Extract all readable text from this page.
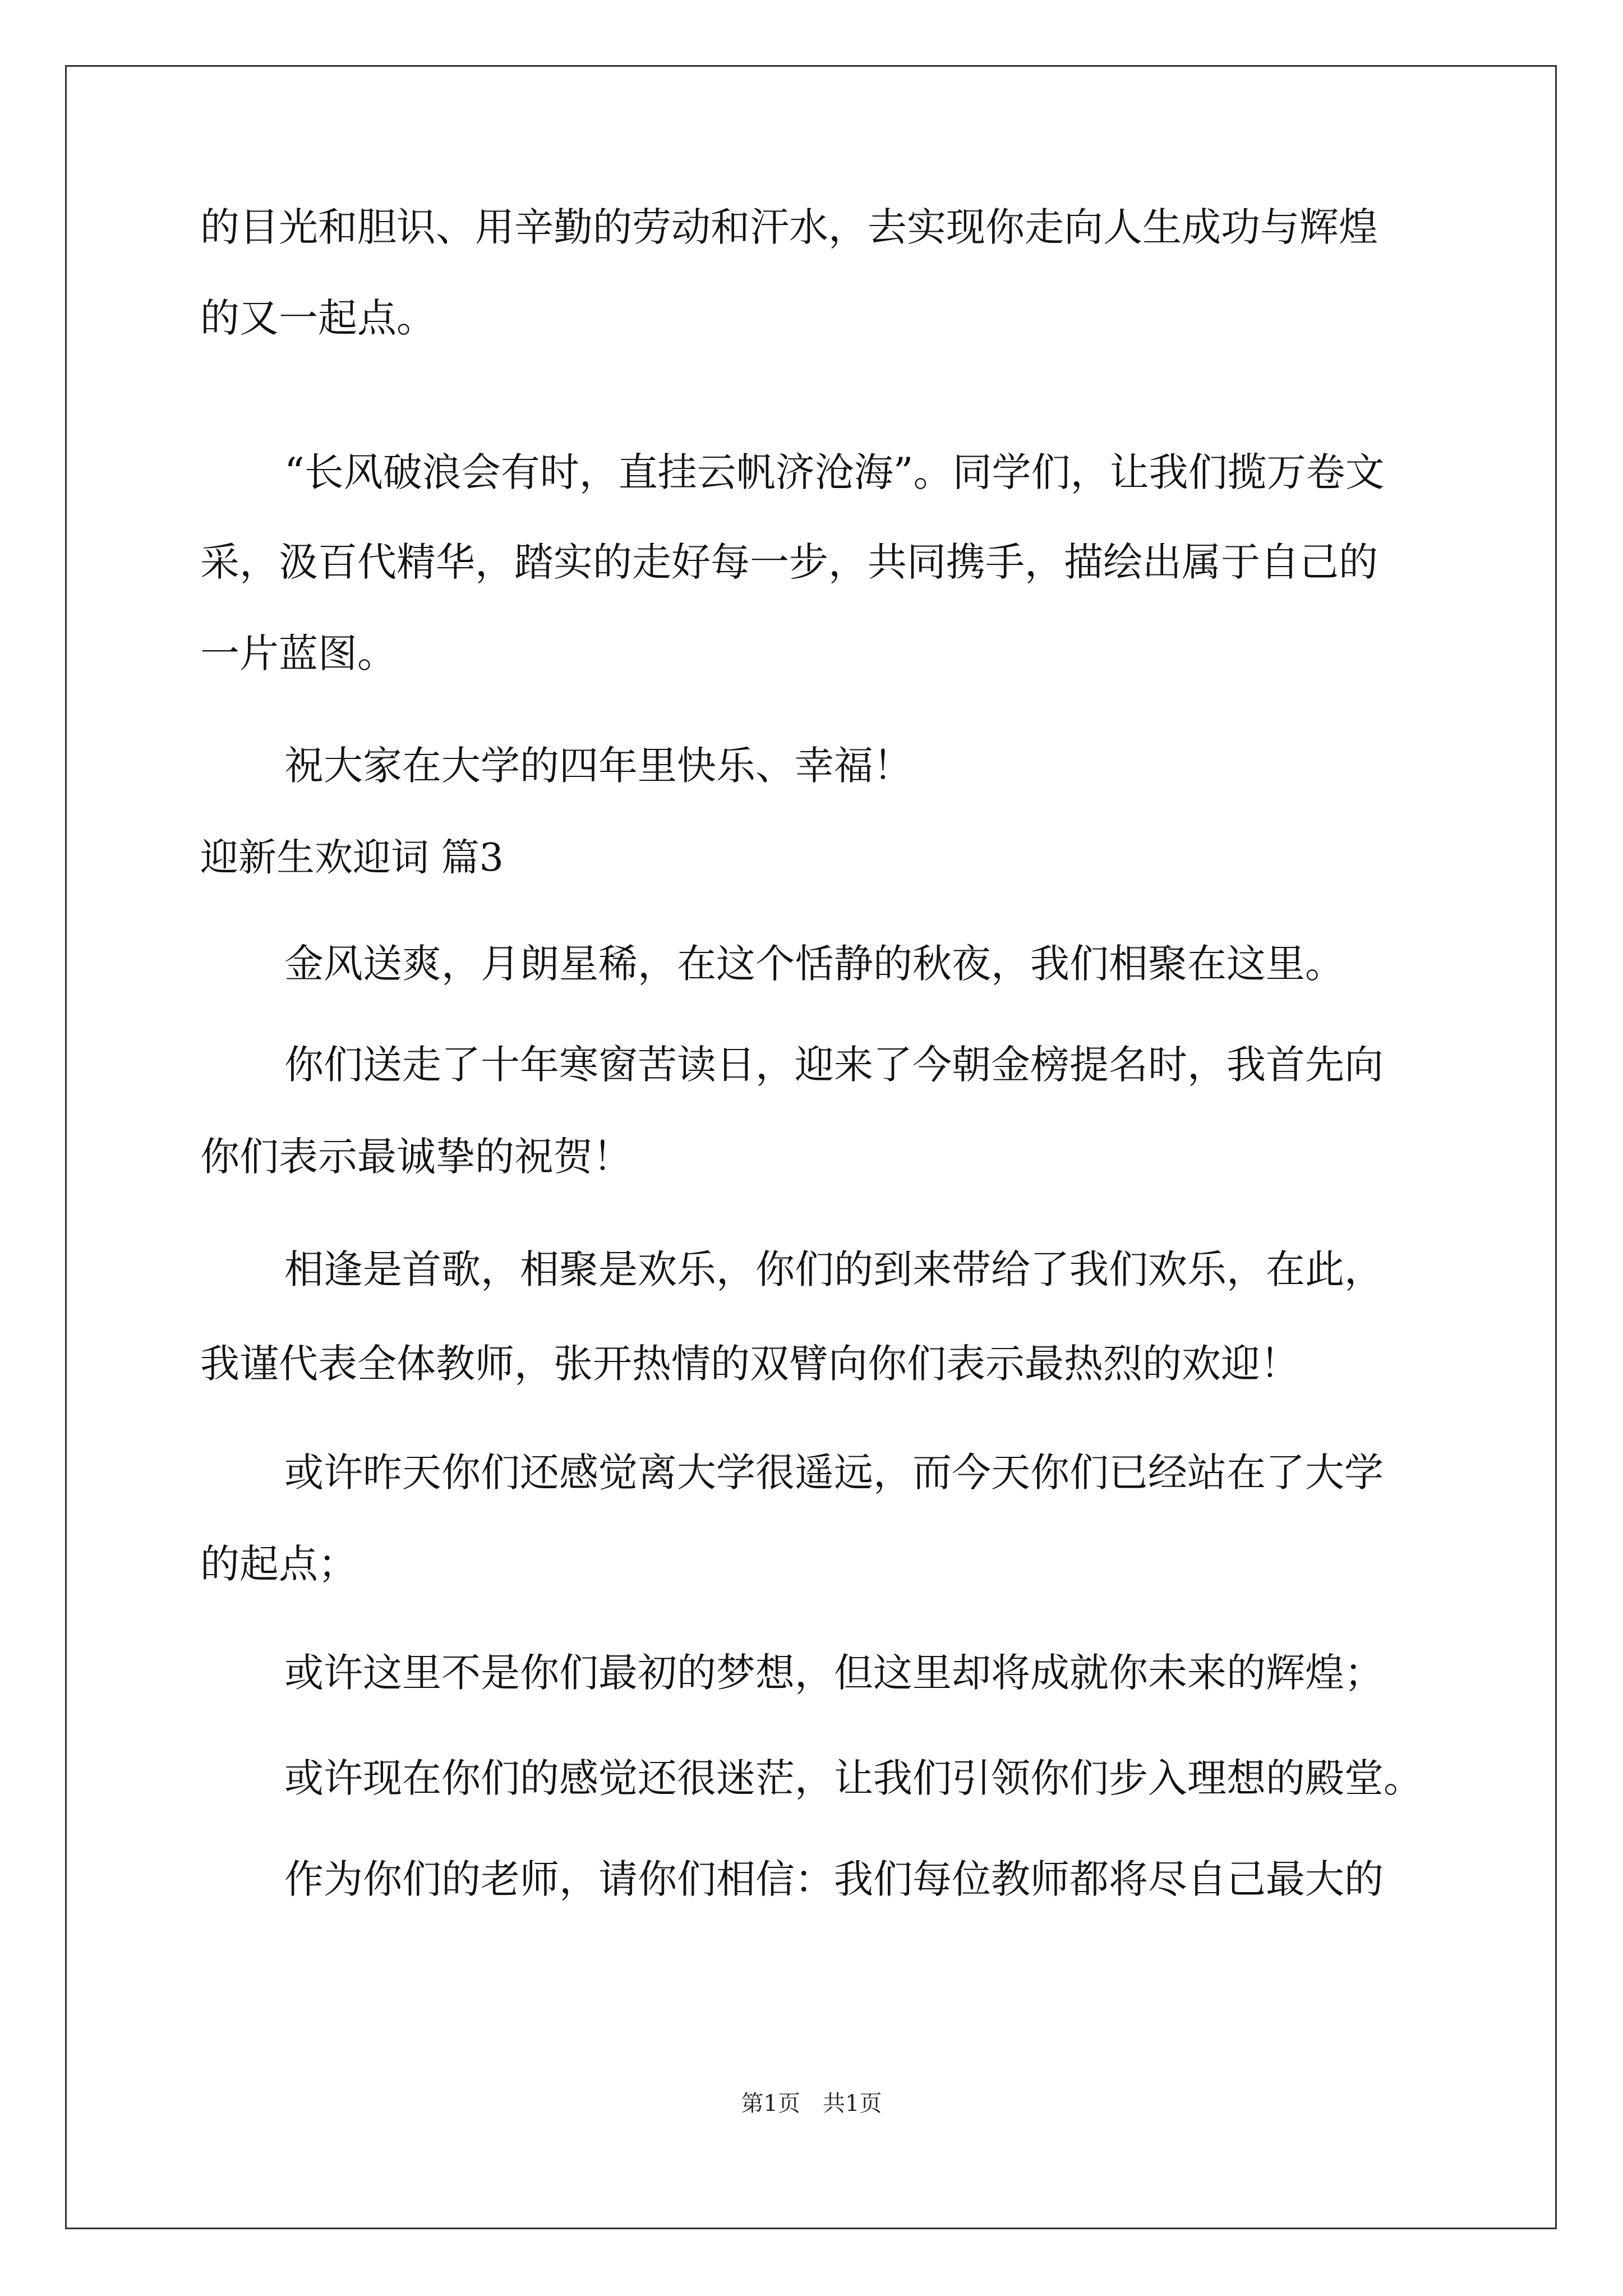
的目光和胆识、用辛勤的劳动和汗水，去实现你走向人生成功与辉煌
的又一起点。
“长风破浪会有时，直挂云帆济沧海”。同学们，让我们揽万卷文
采，汲百代精华，踏实的走好每一步，共同携手，描绘出属于自己的
一片蓝图。
祝大家在大学的四年里快乐、幸福！
迎新生欢迎词 篇3
金风送爽，月朗星稀，在这个恬静的秋夜，我们相聚在这里。
你们送走了十年寒窗苦读日，迎来了今朝金榜提名时，我首先向
你们表示最诚挚的祝贺！
相逢是首歌，相聚是欢乐，你们的到来带给了我们欢乐，在此，
我谨代表全体教师，张开热情的双臂向你们表示最热烈的欢迎！
或许昨天你们还感觉离大学很遥远，而今天你们已经站在了大学
的起点；
或许这里不是你们最初的梦想，但这里却将成就你未来的辉煌；
或许现在你们的感觉还很迷茫，让我们引领你们步入理想的殿堂。
作为你们的老师，请你们相信：我们每位教师都将尽自己最大的
第1页　共1页
